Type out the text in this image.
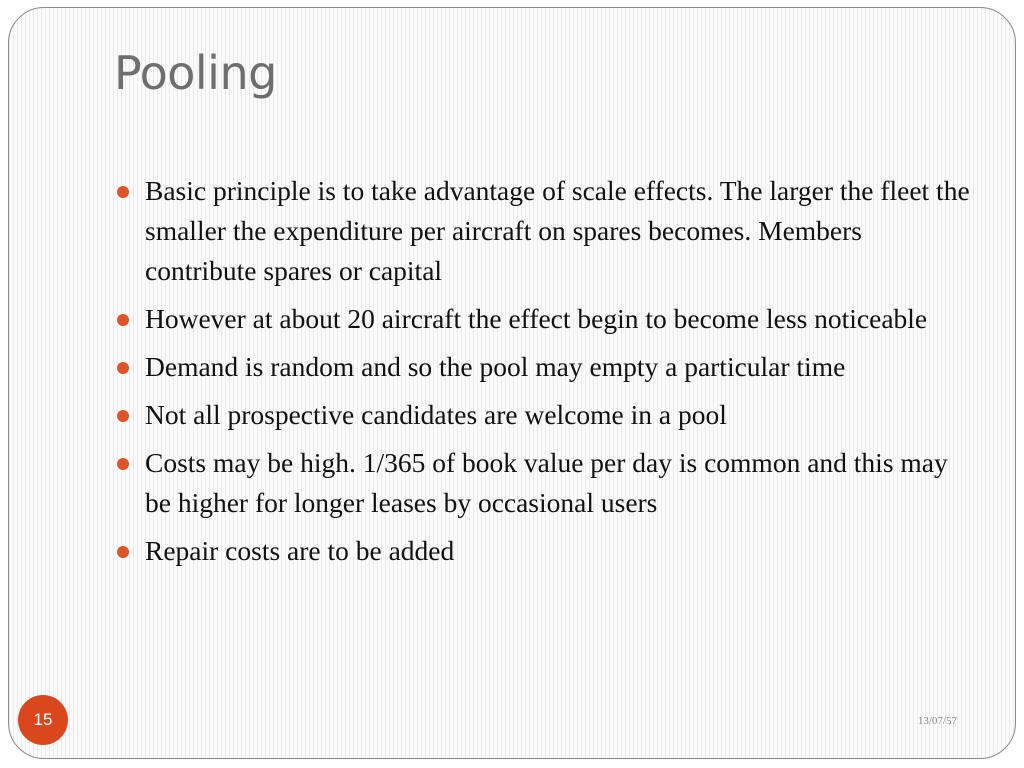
Pooling
Basic principle is to take advantage of scale effects. The larger the fleet the smaller the expenditure per aircraft on spares becomes. Members contribute spares or capital
However at about 20 aircraft the effect begin to become less noticeable
Demand is random and so the pool may empty a particular time
Not all prospective candidates are welcome in a pool
Costs may be high. 1/365 of book value per day is common and this may be higher for longer leases by occasional users
Repair costs are to be added
15	13/07/57
